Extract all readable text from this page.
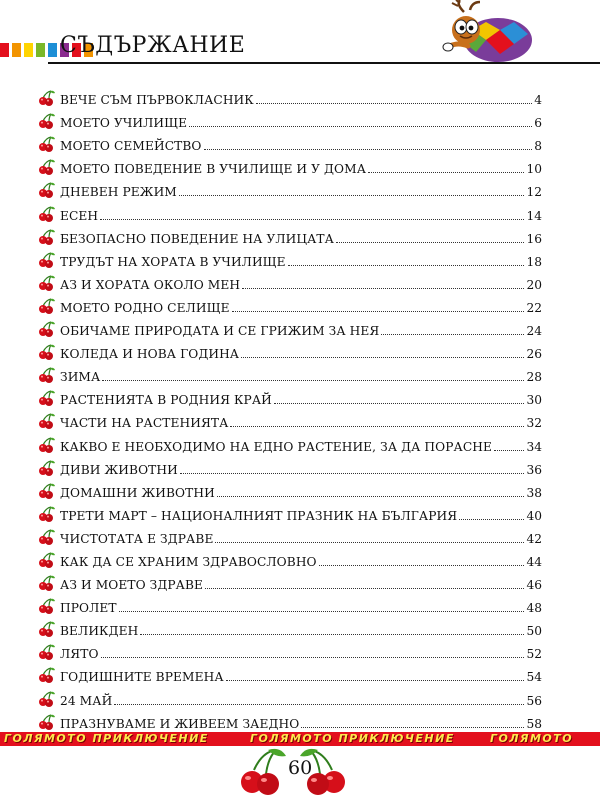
СЪДЪРЖАНИЕ
ВЕЧЕ СЪМ ПЪРВОКЛАСНИК	4
МОЕТО УЧИЛИЩЕ	6
МОЕТО СЕМЕЙСТВО	8
МОЕТО ПОВЕДЕНИЕ В УЧИЛИЩЕ И У ДОМА	10
ДНЕВЕН РЕЖИМ	12
ЕСЕН	14
БЕЗОПАСНО ПОВЕДЕНИЕ НА УЛИЦАТА	16
ТРУДЪТ НА ХОРАТА В УЧИЛИЩЕ	18
АЗ И ХОРАТА ОКОЛО МЕН	20
МОЕТО РОДНО СЕЛИЩЕ	22
ОБИЧАМЕ ПРИРОДАТА И СЕ ГРИЖИМ ЗА НЕЯ	24
КОЛЕДА И НОВА ГОДИНА	26
ЗИМА	28
РАСТЕНИЯТА В РОДНИЯ КРАЙ	30
ЧАСТИ НА РАСТЕНИЯТА	32
КАКВО Е НЕОБХОДИМО НА ЕДНО РАСТЕНИЕ, ЗА ДА ПОРАСНЕ	34
ДИВИ ЖИВОТНИ	36
ДОМАШНИ ЖИВОТНИ	38
ТРЕТИ МАРТ – НАЦИОНАЛНИЯТ ПРАЗНИК НА БЪЛГАРИЯ	40
ЧИСТОТАТА Е ЗДРАВЕ	42
КАК ДА СЕ ХРАНИМ ЗДРАВОСЛОВНО	44
АЗ И МОЕТО ЗДРАВЕ	46
ПРОЛЕТ	48
ВЕЛИКДЕН	50
ЛЯТО	52
ГОДИШНИТЕ ВРЕМЕНА	54
24 МАЙ	56
ПРАЗНУВАМЕ И ЖИВЕЕМ ЗАЕДНО	58
ГОЛЯМОТО ПРИКЛЮЧЕНИЕ	ГОЛЯМОТО ПРИКЛЮЧЕНИЕ	ГОЛЯМОТО
60
